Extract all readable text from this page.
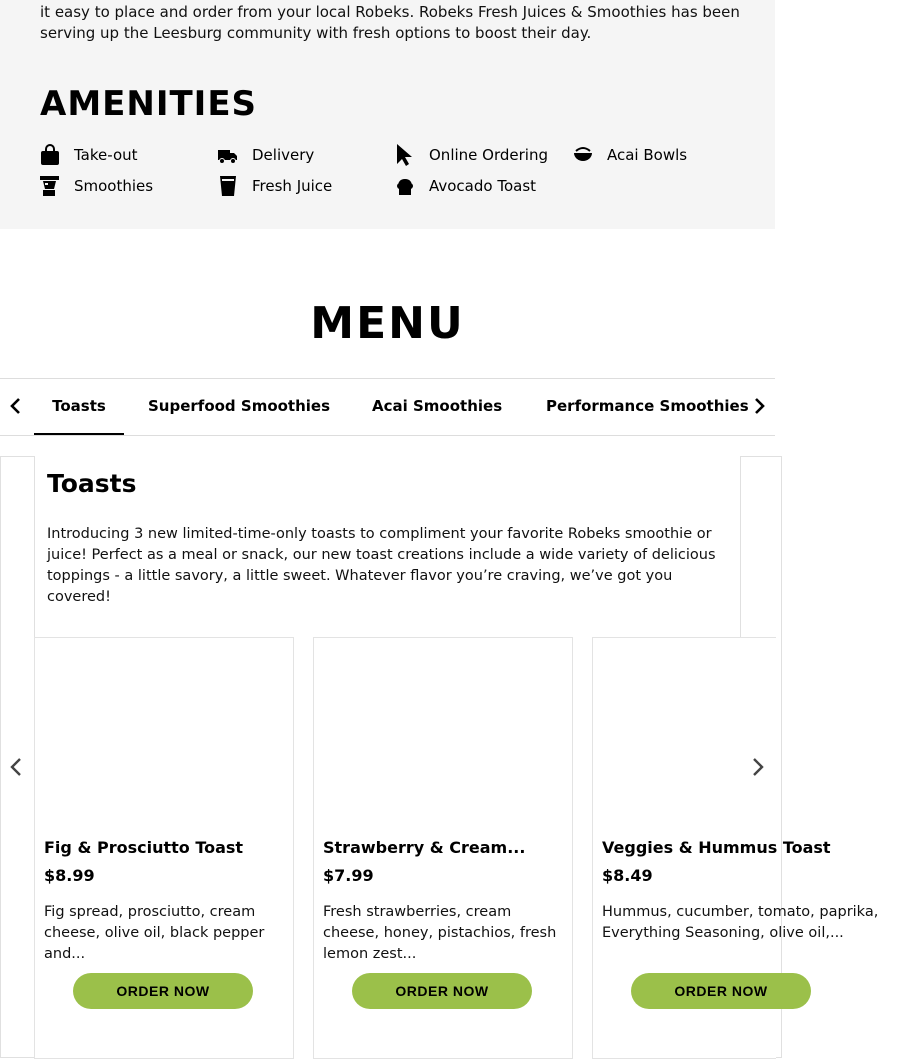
it easy to place and order from your local Robeks. Robeks Fresh Juices & Smoothies has been serving up the Leesburg community with fresh options to boost their day.
AMENITIES
Take-out	Delivery	Online Ordering	Acai Bowls
Smoothies	Fresh Juice	Avocado Toast
MENU
Toasts	Superfood Smoothies	Acai Smoothies	Performance Smoothies
Toasts

Introducing 3 new limited-time-only toasts to compliment your favorite Robeks smoothie or juice! Perfect as a meal or snack, our new toast creations include a wide variety of delicious toppings - a little savory, a little sweet. Whatever flavor you’re craving, we’ve got you covered!

Fig & Prosciutto Toast
$8.99
Fig spread, prosciutto, cream cheese, olive oil, black pepper and...
ORDER NOW
Strawberry & Cream...
$7.99
Fresh strawberries, cream cheese, honey, pistachios, fresh lemon zest...
ORDER NOW
Veggies & Hummus Toast
$8.49
Hummus, cucumber, tomato, paprika, Everything Seasoning, olive oil,...
ORDER NOW
